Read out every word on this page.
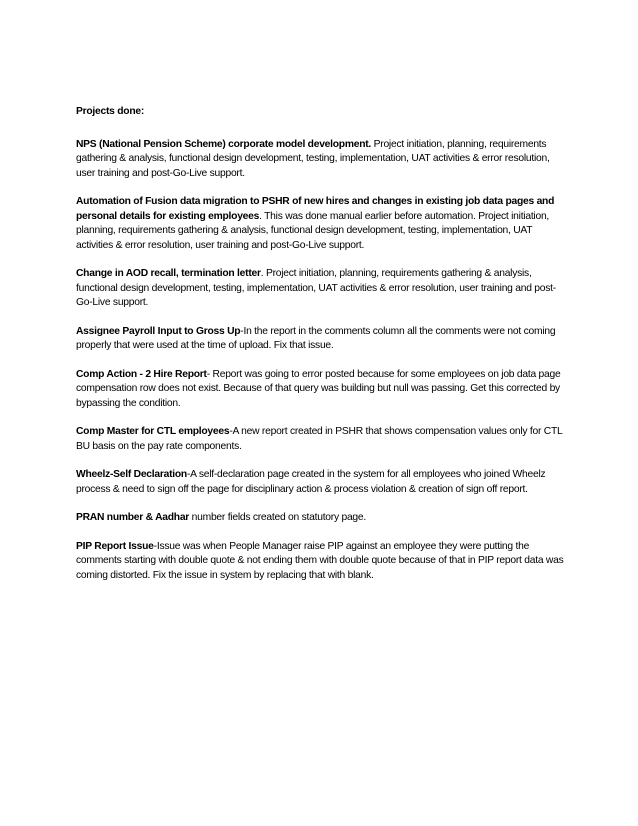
Projects done:

NPS (National Pension Scheme) corporate model development. Project initiation, planning, requirements gathering & analysis, functional design development, testing, implementation, UAT activities & error resolution, user training and post-Go-Live support.

Automation of Fusion data migration to PSHR of new hires and changes in existing job data pages and personal details for existing employees. This was done manual earlier before automation. Project initiation, planning, requirements gathering & analysis, functional design development, testing, implementation, UAT activities & error resolution, user training and post-Go-Live support.

Change in AOD recall, termination letter. Project initiation, planning, requirements gathering & analysis, functional design development, testing, implementation, UAT activities & error resolution, user training and post-Go-Live support.

Assignee Payroll Input to Gross Up-In the report in the comments column all the comments were not coming properly that were used at the time of upload. Fix that issue.

Comp Action - 2 Hire Report- Report was going to error posted because for some employees on job data page compensation row does not exist. Because of that query was building but null was passing. Get this corrected by bypassing the condition.

Comp Master for CTL employees-A new report created in PSHR that shows compensation values only for CTL BU basis on the pay rate components.

Wheelz-Self Declaration-A self-declaration page created in the system for all employees who joined Wheelz process & need to sign off the page for disciplinary action & process violation & creation of sign off report.

PRAN number & Aadhar number fields created on statutory page.

PIP Report Issue-Issue was when People Manager raise PIP against an employee they were putting the comments starting with double quote & not ending them with double quote because of that in PIP report data was coming distorted. Fix the issue in system by replacing that with blank.
